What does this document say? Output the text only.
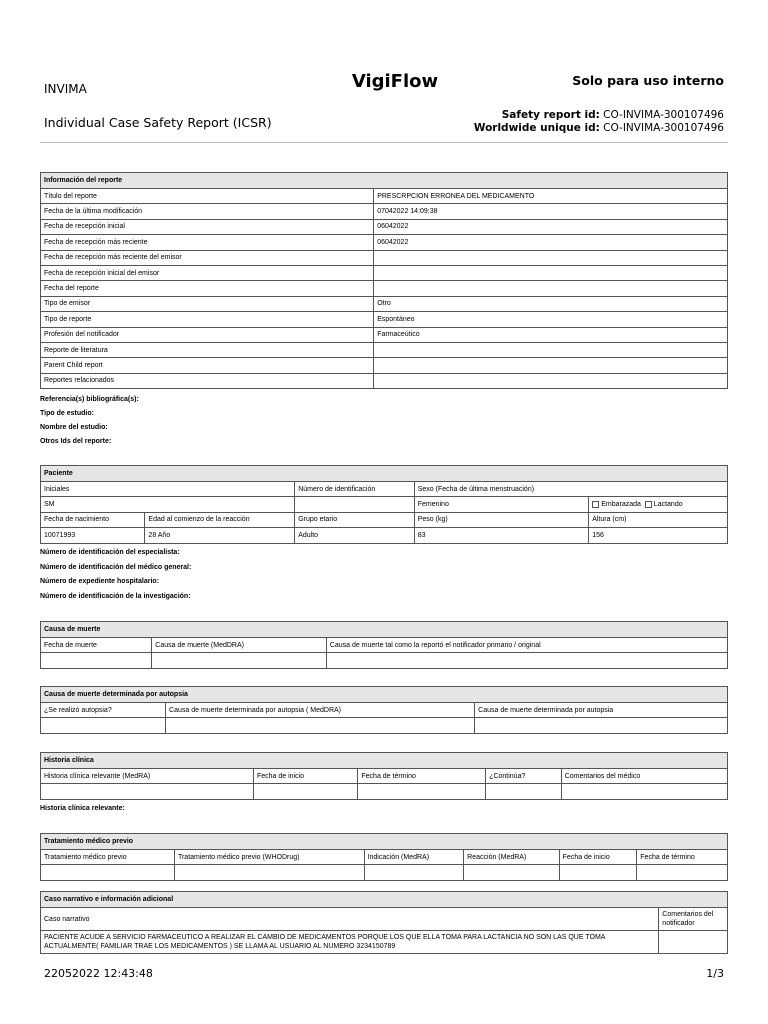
INVIMA	VigiFlow	Solo para uso interno
Individual Case Safety Report (ICSR)	Safety report id: CO-INVIMA-300107496
Worldwide unique id: CO-INVIMA-300107496
Información del reporte	
Título del reporte	PRESCRPCION ERRONEA DEL MEDICAMENTO
Fecha de la última modificación	07042022 14:09:38
Fecha de recepción inicial	06042022
Fecha de recepción más reciente	06042022
Fecha de recepción más reciente del emisor	
Fecha de recepción inicial del emisor	
Fecha del reporte	
Tipo de emisor	Otro
Tipo de reporte	Espontáneo
Profesión del notificador	Farmaceútico
Reporte de literatura	
Parent Child report	
Reportes relacionados	
Referencia(s) bibliográfica(s):
Tipo de estudio:
Nombre del estudio:
Otros Ids del reporte:
Paciente				
Iniciales		Número de identificación	Sexo (Fecha de última menstruación)	
SM			Femenino	Embarazada Lactando
Fecha de nacimiento	Edad al comienzo de la reacción	Grupo etario	Peso (kg)	Altura (cm)
10071993	28 Año	Adulto	83	156
Número de identificación del especialista:
Número de identificación del médico general:
Número de expediente hospitalario:
Número de identificación de la investigación:
Causa de muerte		
Fecha de muerte	Causa de muerte (MedDRA)	Causa de muerte tal como la reportó el notificador primario / original

Causa de muerte determinada por autopsia		
¿Se realizó autopsia?	Causa de muerte determinada por autopsia ( MedDRA)	Causa de muerte determinada por autopsia

Historia clínica				
Historia clínica relevante (MedRA)	Fecha de inicio	Fecha de término	¿Continúa?	Comentarios del médico

Historia clínica relevante:
Tratamiento médico previo					
Tratamiento médico previo	Tratamiento médico previo (WHODrug)	Indicación (MedRA)	Reacción (MedRA)	Fecha de inicio	Fecha de término

Caso narrativo e información adicional	
Caso narrativo	Comentarios del notificador
PACIENTE ACUDE A SERVICIO FARMACEUTICO A REALIZAR EL CAMBIO DE MEDICAMENTOS PORQUE LOS QUE ELLA TOMA PARA LACTANCIA NO SON LAS QUE TOMA ACTUALMENTE( FAMILIAR TRAE LOS MEDICAMENTOS ) SE LLAMA AL USUARIO AL NUMERO 3234150789	
22052022 12:43:48	1/3
